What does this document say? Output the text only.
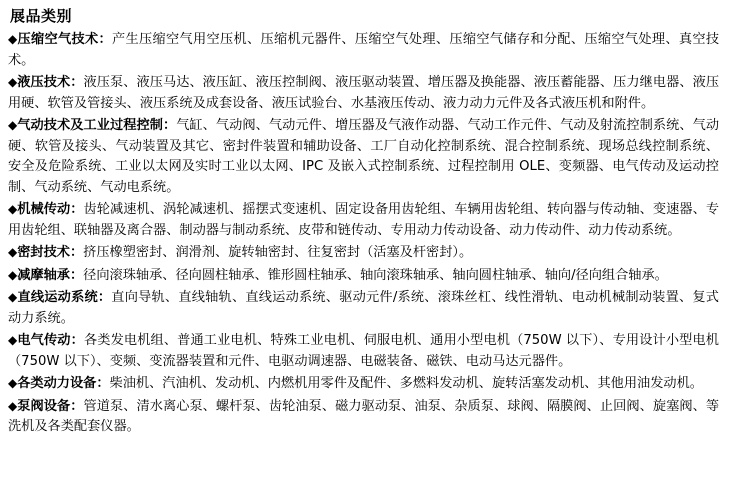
展品类别
◆压缩空气技术：产生压缩空气用空压机、压缩机元器件、压缩空气处理、压缩空气储存和分配、压缩空气处理、真空技术。
◆液压技术：液压泵、液压马达、液压缸、液压控制阀、液压驱动装置、增压器及换能器、液压蓄能器、压力继电器、液压用硬、软管及管接头、液压系统及成套设备、液压试验台、水基液压传动、液力动力元件及各式液压机和附件。
◆气动技术及工业过程控制：气缸、气动阀、气动元件、增压器及气液作动器、气动工作元件、气动及射流控制系统、气动硬、软管及接头、气动装置及其它、密封件装置和辅助设备、工厂自动化控制系统、混合控制系统、现场总线控制系统、安全及危险系统、工业以太网及实时工业以太网、IPC 及嵌入式控制系统、过程控制用 OLE、变频器、电气传动及运动控制、气动系统、气动电系统。
◆机械传动：齿轮减速机、涡轮减速机、摇摆式变速机、固定设备用齿轮组、车辆用齿轮组、转向器与传动轴、变速器、专用齿轮组、联轴器及离合器、制动器与制动系统、皮带和链传动、专用动力传动设备、动力传动件、动力传动系统。
◆密封技术：挤压橡塑密封、润滑剂、旋转轴密封、往复密封（活塞及杆密封）。
◆减摩轴承：径向滚珠轴承、径向圆柱轴承、锥形圆柱轴承、轴向滚珠轴承、轴向圆柱轴承、轴向/径向组合轴承。
◆直线运动系统：直向导轨、直线轴轨、直线运动系统、驱动元件/系统、滚珠丝杠、线性滑轨、电动机械制动装置、复式动力系统。
◆电气传动：各类发电机组、普通工业电机、特殊工业电机、伺服电机、通用小型电机（750W 以下）、专用设计小型电机（750W 以下）、变频、变流器装置和元件、电驱动调速器、电磁装备、磁铁、电动马达元器件。
◆各类动力设备：柴油机、汽油机、发动机、内燃机用零件及配件、多燃料发动机、旋转活塞发动机、其他用油发动机。
◆泵阀设备：管道泵、清水离心泵、螺杆泵、齿轮油泵、磁力驱动泵、油泵、杂质泵、球阀、隔膜阀、止回阀、旋塞阀、等洗机及各类配套仪器。
